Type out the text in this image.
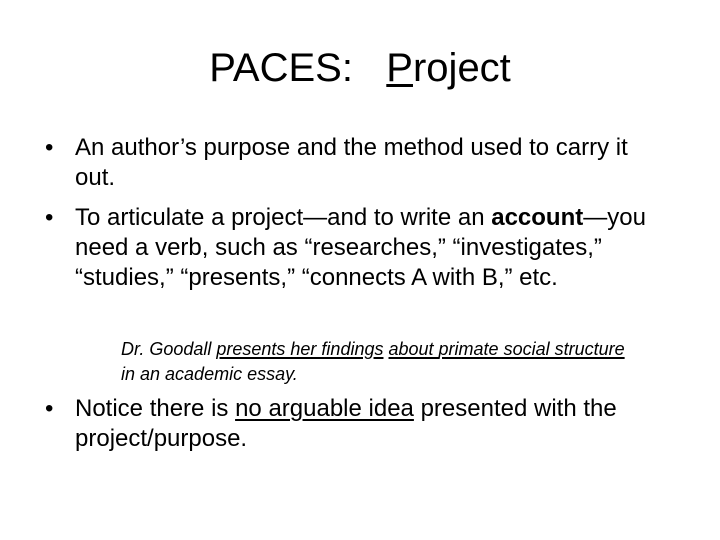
PACES:   Project
• An author’s purpose and the method used to carry it out.
• To articulate a project—and to write an account—you need a verb, such as “researches,” “investigates,” “studies,” “presents,” “connects A with B,” etc.
Dr. Goodall presents her findings about primate social structure in an academic essay.
• Notice there is no arguable idea presented with the project/purpose.
